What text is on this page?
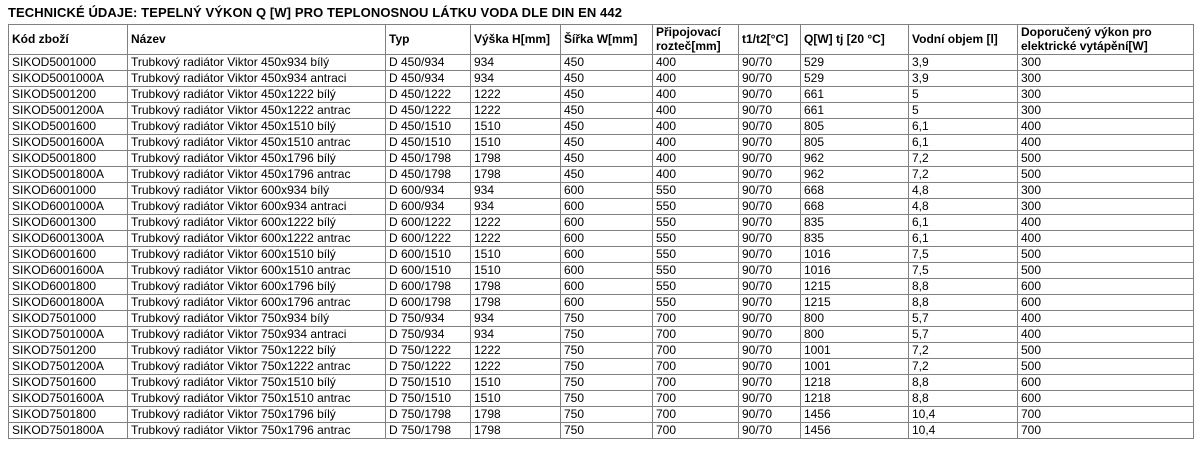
TECHNICKÉ ÚDAJE: TEPELNÝ VÝKON Q [W] PRO TEPLONOSNOU LÁTKU VODA DLE DIN EN 442
Kód zboží	Název	Typ	Výška H[mm]	Šířka W[mm]	Připojovací rozteč[mm]	t1/t2[°C]	Q[W] tj [20 °C]	Vodní objem [l]	Doporučený výkon pro elektrické vytápění[W]
SIKOD5001000	Trubkový radiátor Viktor 450x934 bílý	D 450/934	934	450	400	90/70	529	3,9	300
SIKOD5001000A	Trubkový radiátor Viktor 450x934 antraci	D 450/934	934	450	400	90/70	529	3,9	300
SIKOD5001200	Trubkový radiátor Viktor 450x1222 bílý	D 450/1222	1222	450	400	90/70	661	5	300
SIKOD5001200A	Trubkový radiátor Viktor 450x1222 antrac	D 450/1222	1222	450	400	90/70	661	5	300
SIKOD5001600	Trubkový radiátor Viktor 450x1510 bílý	D 450/1510	1510	450	400	90/70	805	6,1	400
SIKOD5001600A	Trubkový radiátor Viktor 450x1510 antrac	D 450/1510	1510	450	400	90/70	805	6,1	400
SIKOD5001800	Trubkový radiátor Viktor 450x1796 bílý	D 450/1798	1798	450	400	90/70	962	7,2	500
SIKOD5001800A	Trubkový radiátor Viktor 450x1796 antrac	D 450/1798	1798	450	400	90/70	962	7,2	500
SIKOD6001000	Trubkový radiátor Viktor 600x934 bílý	D 600/934	934	600	550	90/70	668	4,8	300
SIKOD6001000A	Trubkový radiátor Viktor 600x934 antraci	D 600/934	934	600	550	90/70	668	4,8	300
SIKOD6001300	Trubkový radiátor Viktor 600x1222 bílý	D 600/1222	1222	600	550	90/70	835	6,1	400
SIKOD6001300A	Trubkový radiátor Viktor 600x1222 antrac	D 600/1222	1222	600	550	90/70	835	6,1	400
SIKOD6001600	Trubkový radiátor Viktor 600x1510 bílý	D 600/1510	1510	600	550	90/70	1016	7,5	500
SIKOD6001600A	Trubkový radiátor Viktor 600x1510 antrac	D 600/1510	1510	600	550	90/70	1016	7,5	500
SIKOD6001800	Trubkový radiátor Viktor 600x1796 bílý	D 600/1798	1798	600	550	90/70	1215	8,8	600
SIKOD6001800A	Trubkový radiátor Viktor 600x1796 antrac	D 600/1798	1798	600	550	90/70	1215	8,8	600
SIKOD7501000	Trubkový radiátor Viktor 750x934 bílý	D 750/934	934	750	700	90/70	800	5,7	400
SIKOD7501000A	Trubkový radiátor Viktor 750x934 antraci	D 750/934	934	750	700	90/70	800	5,7	400
SIKOD7501200	Trubkový radiátor Viktor 750x1222 bílý	D 750/1222	1222	750	700	90/70	1001	7,2	500
SIKOD7501200A	Trubkový radiátor Viktor 750x1222 antrac	D 750/1222	1222	750	700	90/70	1001	7,2	500
SIKOD7501600	Trubkový radiátor Viktor 750x1510 bílý	D 750/1510	1510	750	700	90/70	1218	8,8	600
SIKOD7501600A	Trubkový radiátor Viktor 750x1510 antrac	D 750/1510	1510	750	700	90/70	1218	8,8	600
SIKOD7501800	Trubkový radiátor Viktor 750x1796 bílý	D 750/1798	1798	750	700	90/70	1456	10,4	700
SIKOD7501800A	Trubkový radiátor Viktor 750x1796 antrac	D 750/1798	1798	750	700	90/70	1456	10,4	700
